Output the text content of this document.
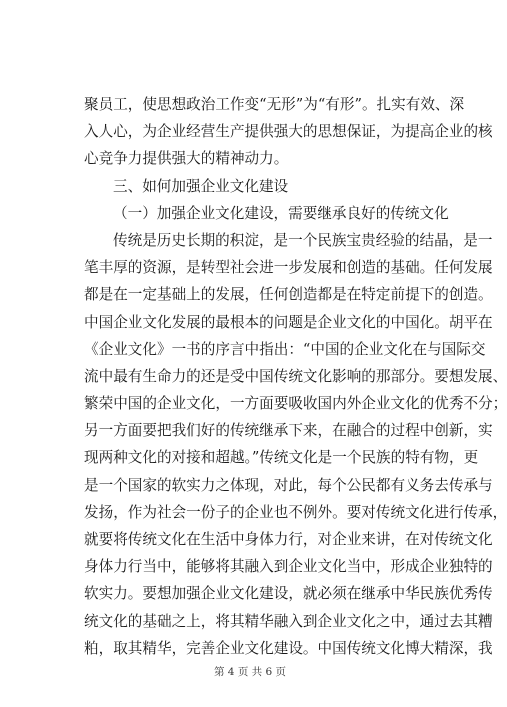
聚员工，使思想政治工作变“无形”为“有形”。扎实有效、深
入人心，为企业经营生产提供强大的思想保证，为提高企业的核
心竞争力提供强大的精神动力。
三、如何加强企业文化建设
（一）加强企业文化建设，需要继承良好的传统文化
传统是历史长期的积淀，是一个民族宝贵经验的结晶，是一
笔丰厚的资源，是转型社会进一步发展和创造的基础。任何发展
都是在一定基础上的发展，任何创造都是在特定前提下的创造。
中国企业文化发展的最根本的问题是企业文化的中国化。胡平在
《企业文化》一书的序言中指出：“中国的企业文化在与国际交
流中最有生命力的还是受中国传统文化影响的那部分。要想发展、
繁荣中国的企业文化，一方面要吸收国内外企业文化的优秀不分；
另一方面要把我们好的传统继承下来，在融合的过程中创新，实
现两种文化的对接和超越。”传统文化是一个民族的特有物，更
是一个国家的软实力之体现，对此，每个公民都有义务去传承与
发扬，作为社会一份子的企业也不例外。要对传统文化进行传承，
就要将传统文化在生活中身体力行，对企业来讲，在对传统文化
身体力行当中，能够将其融入到企业文化当中，形成企业独特的
软实力。要想加强企业文化建设，就必须在继承中华民族优秀传
统文化的基础之上，将其精华融入到企业文化之中，通过去其糟
粕，取其精华，完善企业文化建设。中国传统文化博大精深，我
第 4 页 共 6 页
